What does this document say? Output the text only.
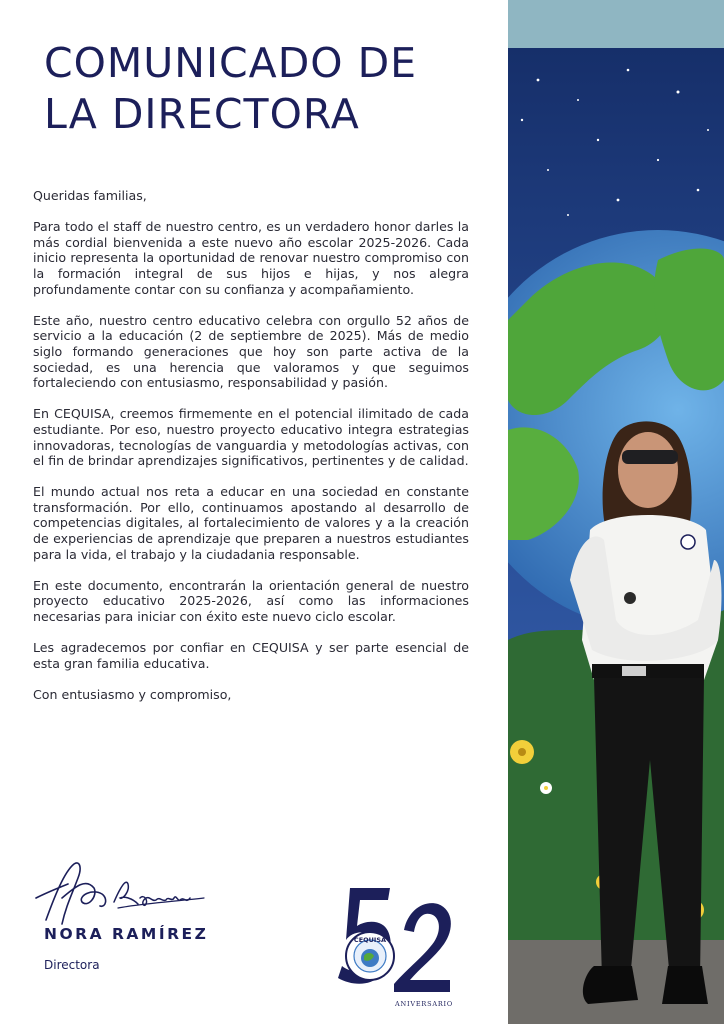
COMUNICADO DE
LA DIRECTORA

Queridas familias,

Para todo el staff de nuestro centro, es un verdadero honor darles la más cordial bienvenida a este nuevo año escolar 2025-2026. Cada inicio representa la oportunidad de renovar nuestro compromiso con la formación integral de sus hijos e hijas, y nos alegra profundamente contar con su confianza y acompañamiento.

Este año, nuestro centro educativo celebra con orgullo 52 años de servicio a la educación (2 de septiembre de 2025). Más de medio siglo formando generaciones que hoy son parte activa de la sociedad, es una herencia que valoramos y que seguimos fortaleciendo con entusiasmo, responsabilidad y pasión.

En CEQUISA, creemos firmemente en el potencial ilimitado de cada estudiante. Por eso, nuestro proyecto educativo integra estrategias innovadoras, tecnologías de vanguardia y metodologías activas, con el fin de brindar aprendizajes significativos, pertinentes y de calidad.

El mundo actual nos reta a educar en una sociedad en constante transformación. Por ello, continuamos apostando al desarrollo de competencias digitales, al fortalecimiento de valores y a la creación de experiencias de aprendizaje que preparen a nuestros estudiantes para la vida, el trabajo y la ciudadania responsable.

En este documento, encontrarán la orientación general de nuestro proyecto educativo 2025-2026, así como las informaciones necesarias para iniciar con éxito este nuevo ciclo escolar.

Les agradecemos por confiar en CEQUISA y ser parte esencial de esta gran familia educativa.

Con entusiasmo y compromiso,

NORA RAMÍREZ
Directora
CEQUISA
ANIVERSARIO
